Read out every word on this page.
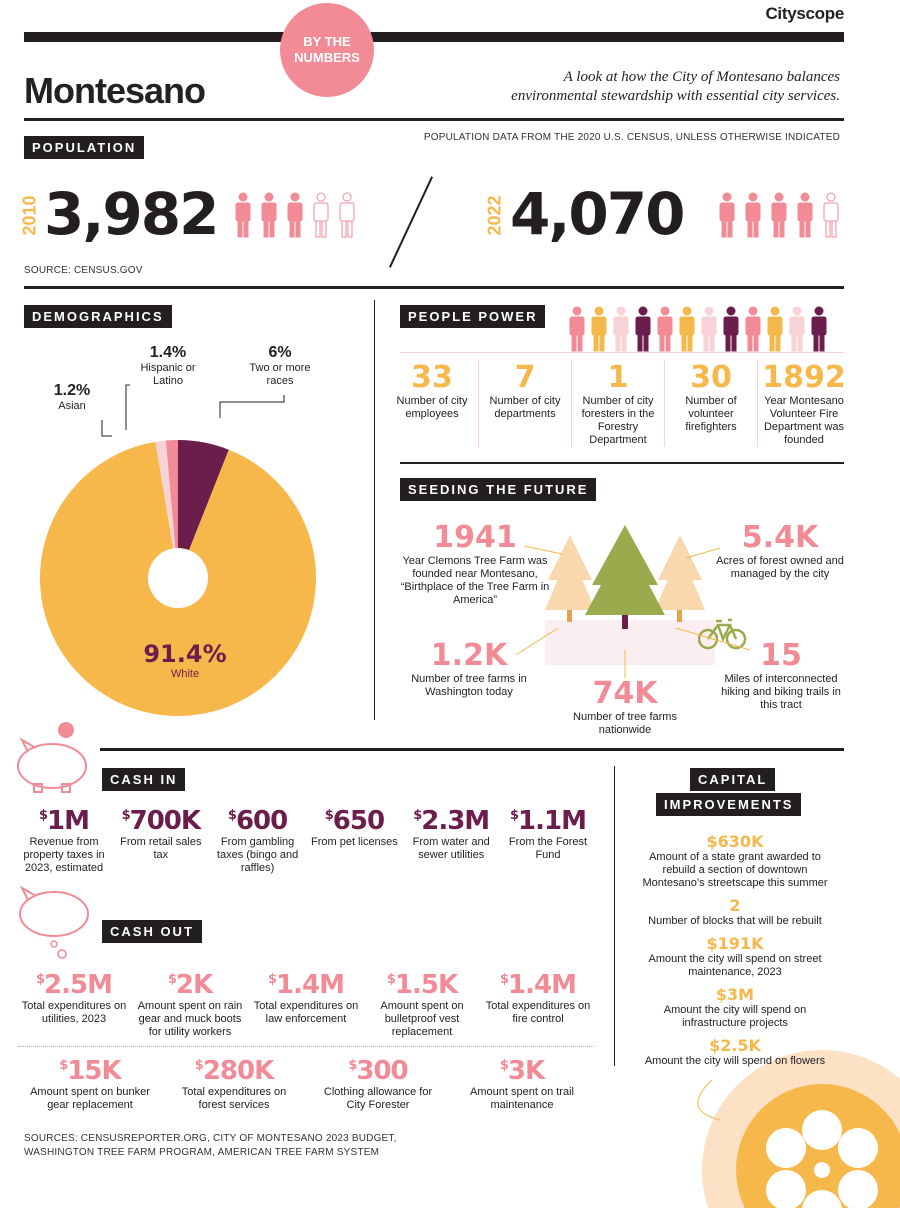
Cityscope
BY THE
NUMBERS
Montesano	A look at how the City of Montesano balances environmental stewardship with essential city services.
POPULATION
POPULATION DATA FROM THE 2020 U.S. CENSUS, UNLESS OTHERWISE INDICATED
2010 3,982	2022 4,070
SOURCE: CENSUS.GOV
DEMOGRAPHICS
1.2%
Asian
1.4%
Hispanic or Latino
6%
Two or more races
91.4%
White
PEOPLE POWER
33
Number of city employees
7
Number of city departments
1
Number of city foresters in the Forestry Department
30
Number of volunteer firefighters
1892
Year Montesano Volunteer Fire Department was founded
SEEDING THE FUTURE
1941
Year Clemons Tree Farm was founded near Montesano, “Birthplace of the Tree Farm in America”
5.4K
Acres of forest owned and managed by the city
1.2K
Number of tree farms in Washington today
15
Miles of interconnected hiking and biking trails in this tract
74K
Number of tree farms nationwide
CASH IN
$1M
Revenue from property taxes in 2023, estimated
$700K
From retail sales tax
$600
From gambling taxes (bingo and raffles)
$650
From pet licenses
$2.3M
From water and sewer utilities
$1.1M
From the Forest Fund
CASH OUT
$2.5M
Total expenditures on utilities, 2023
$2K
Amount spent on rain gear and muck boots for utility workers
$1.4M
Total expenditures on law enforcement
$1.5K
Amount spent on bulletproof vest replacement
$1.4M
Total expenditures on fire control
$15K
Amount spent on bunker gear replacement
$280K
Total expenditures on forest services
$300
Clothing allowance for City Forester
$3K
Amount spent on trail maintenance
SOURCES: CENSUSREPORTER.ORG, CITY OF MONTESANO 2023 BUDGET,
WASHINGTON TREE FARM PROGRAM, AMERICAN TREE FARM SYSTEM
CAPITAL
IMPROVEMENTS
$630K
Amount of a state grant awarded to rebuild a section of downtown Montesano’s streetscape this summer
2
Number of blocks that will be rebuilt
$191K
Amount the city will spend on street maintenance, 2023
$3M
Amount the city will spend on infrastructure projects
$2.5K
Amount the city will spend on flowers
